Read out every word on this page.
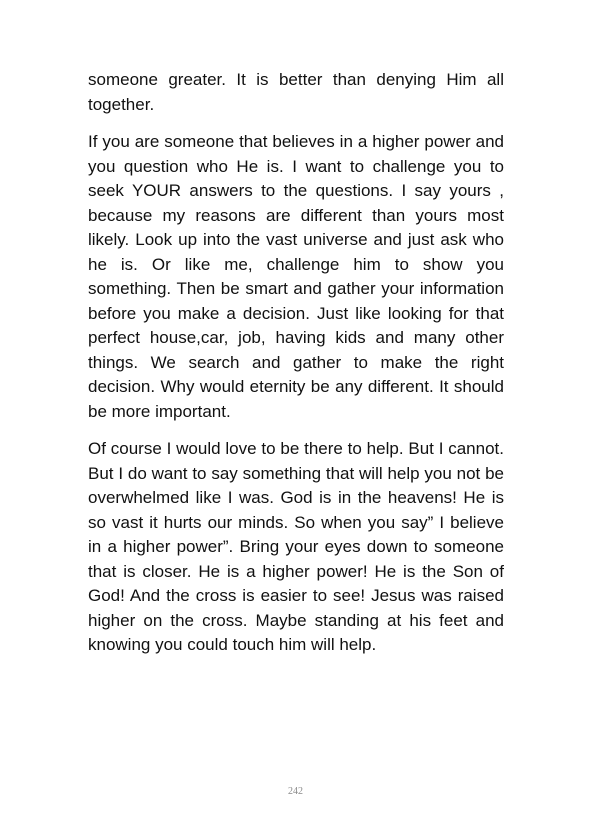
someone greater. It is better than denying Him all together.

If you are someone that believes in a higher power and you question who He is. I want to challenge you to seek YOUR answers to the questions. I say yours , because my reasons are different than yours most likely. Look up into the vast universe and just ask who he is. Or like me, challenge him to show you something. Then be smart and gather your information before you make a decision. Just like looking for that perfect house,car, job, having kids and many other things. We search and gather to make the right decision. Why would eternity be any different. It should be more important.

Of course I would love to be there to help. But I cannot. But I do want to say something that will help you not be overwhelmed like I was. God is in the heavens! He is so vast it hurts our minds. So when you say” I believe in a higher power”. Bring your eyes down to someone that is closer. He is a higher power! He is the Son of God! And the cross is easier to see! Jesus was raised higher on the cross. Maybe standing at his feet and knowing you could touch him will help.

242
